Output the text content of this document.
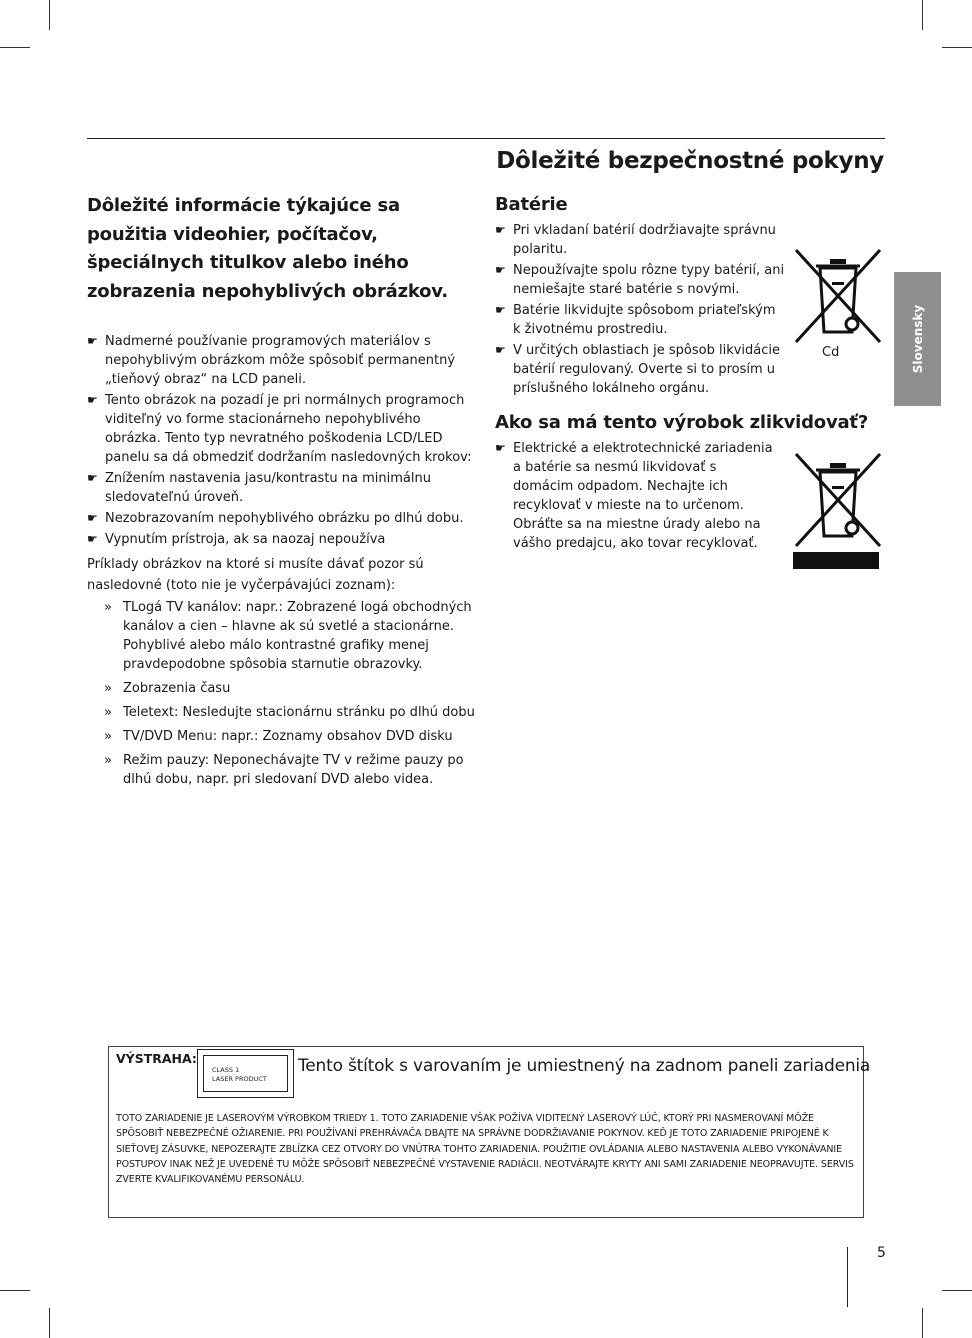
Dôležité bezpečnostné pokyny
Slovensky
Dôležité informácie týkajúce sa použitia videohier, počítačov, špeciálnych titulkov alebo iného zobrazenia nepohyblivých obrázkov.
☛ Nadmerné používanie programových materiálov s nepohyblivým obrázkom môže spôsobiť permanentný „tieňový obraz“ na LCD paneli.
☛ Tento obrázok na pozadí je pri normálnych programoch viditeľný vo forme stacionárneho nepohyblivého obrázka. Tento typ nevratného poškodenia LCD/LED panelu sa dá obmedziť dodržaním nasledovných krokov:
☛ Znížením nastavenia jasu/kontrastu na minimálnu sledovateľnú úroveň.
☛ Nezobrazovaním nepohyblivého obrázku po dlhú dobu.
☛ Vypnutím prístroja, ak sa naozaj nepoužíva

Príklady obrázkov na ktoré si musíte dávať pozor sú nasledovné (toto nie je vyčerpávajúci zoznam):

» TLogá TV kanálov: napr.: Zobrazené logá obchodných kanálov a cien – hlavne ak sú svetlé a stacionárne. Pohyblivé alebo málo kontrastné grafiky menej pravdepodobne spôsobia starnutie obrazovky.
» Zobrazenia času
» Teletext: Nesledujte stacionárnu stránku po dlhú dobu
» TV/DVD Menu: napr.: Zoznamy obsahov DVD disku
» Režim pauzy: Neponechávajte TV v režime pauzy po dlhú dobu, napr. pri sledovaní DVD alebo videa.
Batérie
☛ Pri vkladaní batérií dodržiavajte správnu polaritu.
☛ Nepoužívajte spolu rôzne typy batérií, ani nemiešajte staré batérie s novými.
☛ Batérie likvidujte spôsobom priateľským k životnému prostrediu.
☛ V určitých oblastiach je spôsob likvidácie batérií regulovaný. Overte si to prosím u príslušného lokálneho orgánu.
Ako sa má tento výrobok zlikvidovať?
☛ Elektrické a elektrotechnické zariadenia a batérie sa nesmú likvidovať s domácim odpadom. Nechajte ich recyklovať v mieste na to určenom. Obráťte sa na miestne úrady alebo na vášho predajcu, ako tovar recyklovať.
Cd
VÝSTRAHA:
CLASS 1
LASER PRODUCT
Tento štítok s varovaním je umiestnený na zadnom paneli zariadenia

TOTO ZARIADENIE JE LASEROVÝM VÝROBKOM TRIEDY 1. TOTO ZARIADENIE VŠAK POŽÍVA VIDITEĽNÝ LASEROVÝ LÚČ, KTORÝ PRI NASMEROVANÍ MÔŽE SPÔSOBIŤ NEBEZPEČNÉ OŽIARENIE. PRI POUŽÍVANÍ PREHRÁVAČA DBAJTE NA SPRÁVNE DODRŽIAVANIE POKYNOV. KEĎ JE TOTO ZARIADENIE PRIPOJENÉ K SIEŤOVEJ ZÁSUVKE, NEPOZERAJTE ZBLÍZKA CEZ OTVORY DO VNÚTRA TOHTO ZARIADENIA. POUŽITIE OVLÁDANIA ALEBO NASTAVENIA ALEBO VYKONÁVANIE POSTUPOV INAK NEŽ JE UVEDENÉ TU MÔŽE SPÔSOBIŤ NEBEZPEČNÉ VYSTAVENIE RADIÁCII. NEOTVÁRAJTE KRYTY ANI SAMI ZARIADENIE NEOPRAVUJTE. SERVIS ZVERTE KVALIFIKOVANÉMU PERSONÁLU.

5
